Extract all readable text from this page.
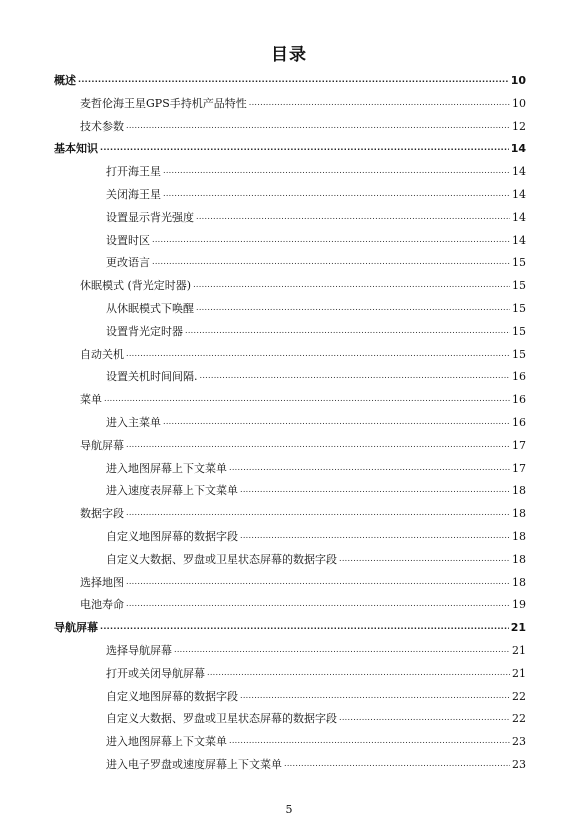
目录
概述 .....	10
麦哲伦海王星GPS手持机产品特性 .....	10
技术参数 .....	12
基本知识 .....	14
打开海王星 .....	14
关闭海王星 .....	14
设置显示背光强度 .....	14
设置时区 .....	14
更改语言 .....	15
休眠模式 (背光定时器) .....	15
从休眠模式下唤醒 .....	15
设置背光定时器 .....	15
自动关机 .....	15
设置关机时间间隔. .....	16
菜单 .....	16
进入主菜单 .....	16
导航屏幕 .....	17
进入地图屏幕上下文菜单 .....	17
进入速度表屏幕上下文菜单 .....	18
数据字段 .....	18
自定义地图屏幕的数据字段 .....	18
自定义大数据、罗盘或卫星状态屏幕的数据字段 .....	18
选择地图 .....	18
电池寿命 .....	19
导航屏幕 .....	21
选择导航屏幕 .....	21
打开或关闭导航屏幕 .....	21
自定义地图屏幕的数据字段 .....	22
自定义大数据、罗盘或卫星状态屏幕的数据字段 .....	22
进入地图屏幕上下文菜单 .....	23
进入电子罗盘或速度屏幕上下文菜单 .....	23
5
